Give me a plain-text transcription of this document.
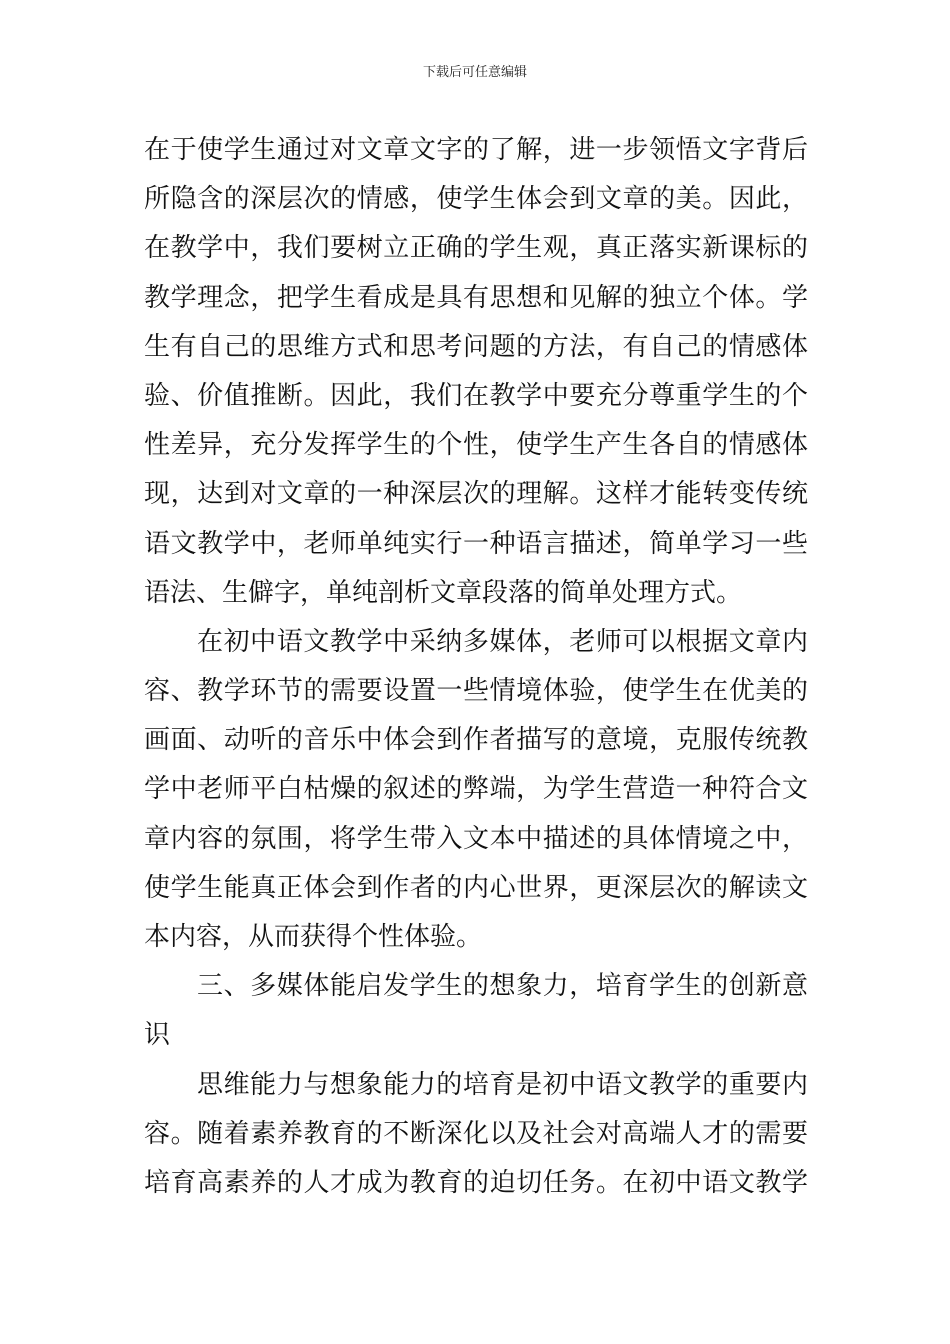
下载后可任意编辑
在于使学生通过对文章文字的了解，进一步领悟文字背后
所隐含的深层次的情感，使学生体会到文章的美。因此，
在教学中，我们要树立正确的学生观，真正落实新课标的
教学理念，把学生看成是具有思想和见解的独立个体。学
生有自己的思维方式和思考问题的方法，有自己的情感体
验、价值推断。因此，我们在教学中要充分尊重学生的个
性差异，充分发挥学生的个性，使学生产生各自的情感体
现，达到对文章的一种深层次的理解。这样才能转变传统
语文教学中，老师单纯实行一种语言描述，简单学习一些
语法、生僻字，单纯剖析文章段落的简单处理方式。
在初中语文教学中采纳多媒体，老师可以根据文章内
容、教学环节的需要设置一些情境体验，使学生在优美的
画面、动听的音乐中体会到作者描写的意境，克服传统教
学中老师平白枯燥的叙述的弊端，为学生营造一种符合文
章内容的氛围，将学生带入文本中描述的具体情境之中，
使学生能真正体会到作者的内心世界，更深层次的解读文
本内容，从而获得个性体验。
三、多媒体能启发学生的想象力，培育学生的创新意
识
思维能力与想象能力的培育是初中语文教学的重要内
容。随着素养教育的不断深化以及社会对高端人才的需要
培育高素养的人才成为教育的迫切任务。在初中语文教学
